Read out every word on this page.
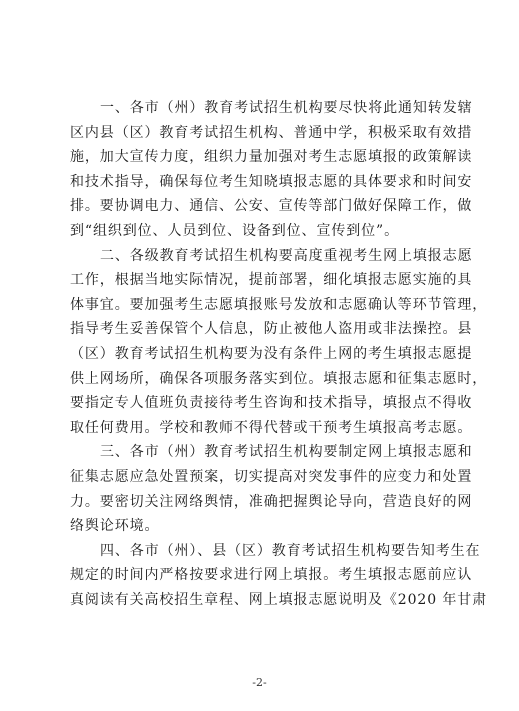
一、各市（州）教育考试招生机构要尽快将此通知转发辖
区内县（区）教育考试招生机构、普通中学，积极采取有效措
施，加大宣传力度，组织力量加强对考生志愿填报的政策解读
和技术指导，确保每位考生知晓填报志愿的具体要求和时间安
排。要协调电力、通信、公安、宣传等部门做好保障工作，做
到“组织到位、人员到位、设备到位、宣传到位”。
二、各级教育考试招生机构要高度重视考生网上填报志愿
工作，根据当地实际情况，提前部署，细化填报志愿实施的具
体事宜。要加强考生志愿填报账号发放和志愿确认等环节管理，
指导考生妥善保管个人信息，防止被他人盗用或非法操控。县
（区）教育考试招生机构要为没有条件上网的考生填报志愿提
供上网场所，确保各项服务落实到位。填报志愿和征集志愿时，
要指定专人值班负责接待考生咨询和技术指导，填报点不得收
取任何费用。学校和教师不得代替或干预考生填报高考志愿。
三、各市（州）教育考试招生机构要制定网上填报志愿和
征集志愿应急处置预案，切实提高对突发事件的应变力和处置
力。要密切关注网络舆情，准确把握舆论导向，营造良好的网
络舆论环境。
四、各市（州）、县（区）教育考试招生机构要告知考生在
规定的时间内严格按要求进行网上填报。考生填报志愿前应认
真阅读有关高校招生章程、网上填报志愿说明及《2020 年甘肃
-2-
